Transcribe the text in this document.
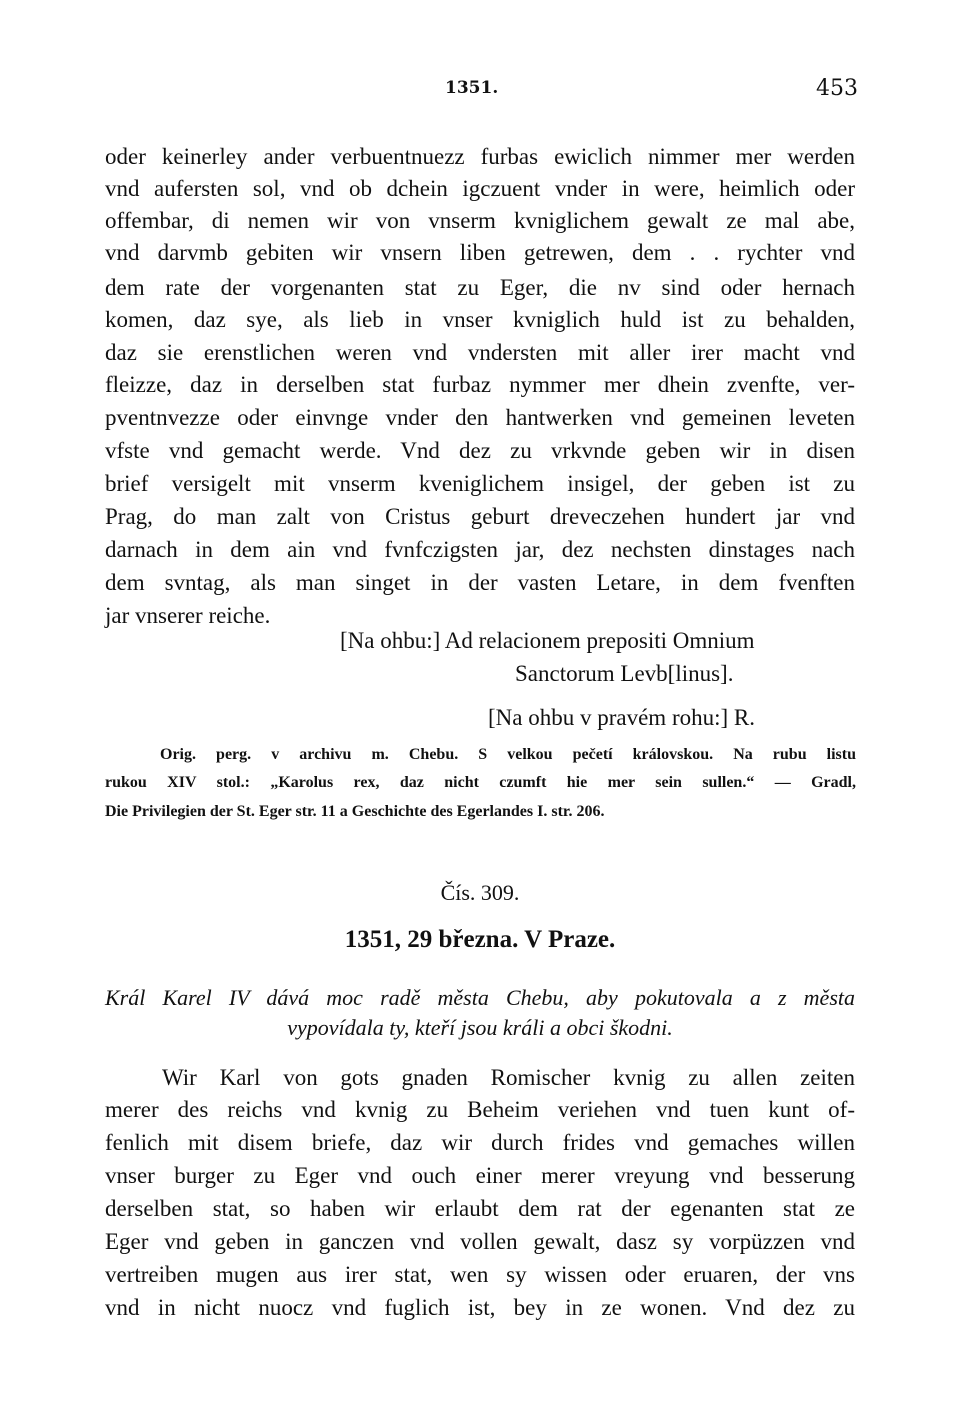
1351.	453
oder keinerley ander verbuentnuezz furbas ewiclich nimmer mer werden
vnd aufersten sol, vnd ob dchein igczuent vnder in were, heimlich oder
offembar, di nemen wir von vnserm kvniglichem gewalt ze mal abe,
vnd darvmb gebiten wir vnsern liben getrewen, dem . . rychter vnd
dem rate der vorgenanten stat zu Eger, die nv sind oder hernach
komen, daz sye, als lieb in vnser kvniglich huld ist zu behalden,
daz sie erenstlichen weren vnd vndersten mit aller irer macht vnd
fleizze, daz in derselben stat furbaz nymmer mer dhein zvenfte, ver-
pventnvezze oder einvnge vnder den hantwerken vnd gemeinen leveten
vfste vnd gemacht werde. Vnd dez zu vrkvnde geben wir in disen
brief versigelt mit vnserm kveniglichem insigel, der geben ist zu
Prag, do man zalt von Cristus geburt dreveczehen hundert jar vnd
darnach in dem ain vnd fvnfczigsten jar, dez nechsten dinstages nach
dem svntag, als man singet in der vasten Letare, in dem fvenften
jar vnserer reiche.
[Na ohbu:] Ad relacionem prepositi Omnium
Sanctorum Levb[linus].
[Na ohbu v pravém rohu:] R.
Orig. perg. v archivu m. Chebu. S velkou pečetí královskou. Na rubu listu
rukou XIV stol.: „Karolus rex, daz nicht czumft hie mer sein sullen.“ — Gradl,
Die Privilegien der St. Eger str. 11 a Geschichte des Egerlandes I. str. 206.
Čís. 309.
1351, 29 března. V Praze.
Král Karel IV dává moc radě města Chebu, aby pokutovala a z města
vypovídala ty, kteří jsou králi a obci škodni.
Wir Karl von gots gnaden Romischer kvnig zu allen zeiten
merer des reichs vnd kvnig zu Beheim veriehen vnd tuen kunt of-
fenlich mit disem briefe, daz wir durch frides vnd gemaches willen
vnser burger zu Eger vnd ouch einer merer vreyung vnd besserung
derselben stat, so haben wir erlaubt dem rat der egenanten stat ze
Eger vnd geben in ganczen vnd vollen gewalt, dasz sy vorpüzzen vnd
vertreiben mugen aus irer stat, wen sy wissen oder eruaren, der vns
vnd in nicht nuocz vnd fuglich ist, bey in ze wonen. Vnd dez zu
